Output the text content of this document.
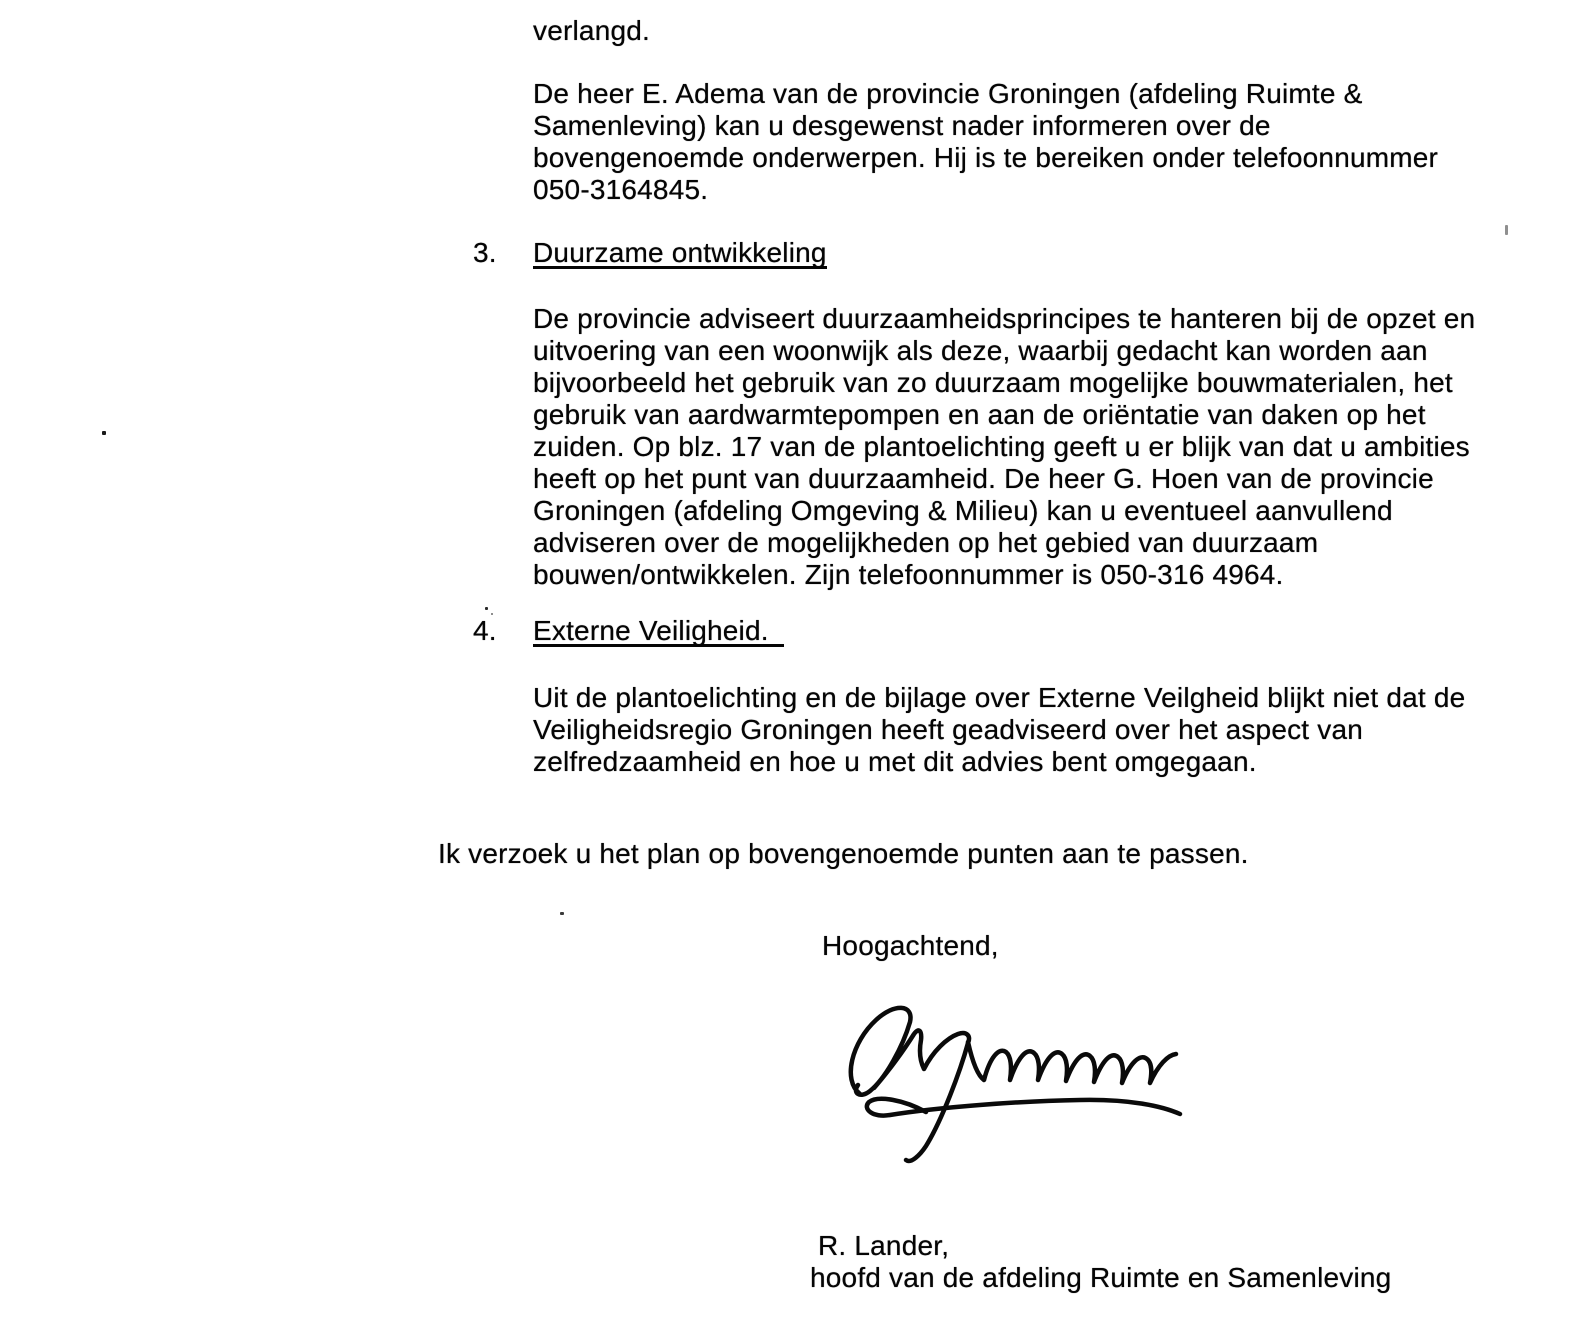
verlangd.
De heer E. Adema van de provincie Groningen (afdeling Ruimte &
Samenleving) kan u desgewenst nader informeren over de
bovengenoemde onderwerpen. Hij is te bereiken onder telefoonnummer
050-3164845.
3. Duurzame ontwikkeling
De provincie adviseert duurzaamheidsprincipes te hanteren bij de opzet en
uitvoering van een woonwijk als deze, waarbij gedacht kan worden aan
bijvoorbeeld het gebruik van zo duurzaam mogelijke bouwmaterialen, het
gebruik van aardwarmtepompen en aan de oriëntatie van daken op het
zuiden. Op blz. 17 van de plantoelichting geeft u er blijk van dat u ambities
heeft op het punt van duurzaamheid. De heer G. Hoen van de provincie
Groningen (afdeling Omgeving & Milieu) kan u eventueel aanvullend
adviseren over de mogelijkheden op het gebied van duurzaam
bouwen/ontwikkelen. Zijn telefoonnummer is 050-316 4964.
4. Externe Veiligheid.
Uit de plantoelichting en de bijlage over Externe Veilgheid blijkt niet dat de
Veiligheidsregio Groningen heeft geadviseerd over het aspect van
zelfredzaamheid en hoe u met dit advies bent omgegaan.
Ik verzoek u het plan op bovengenoemde punten aan te passen.
Hoogachtend,
R. Lander,
hoofd van de afdeling Ruimte en Samenleving
